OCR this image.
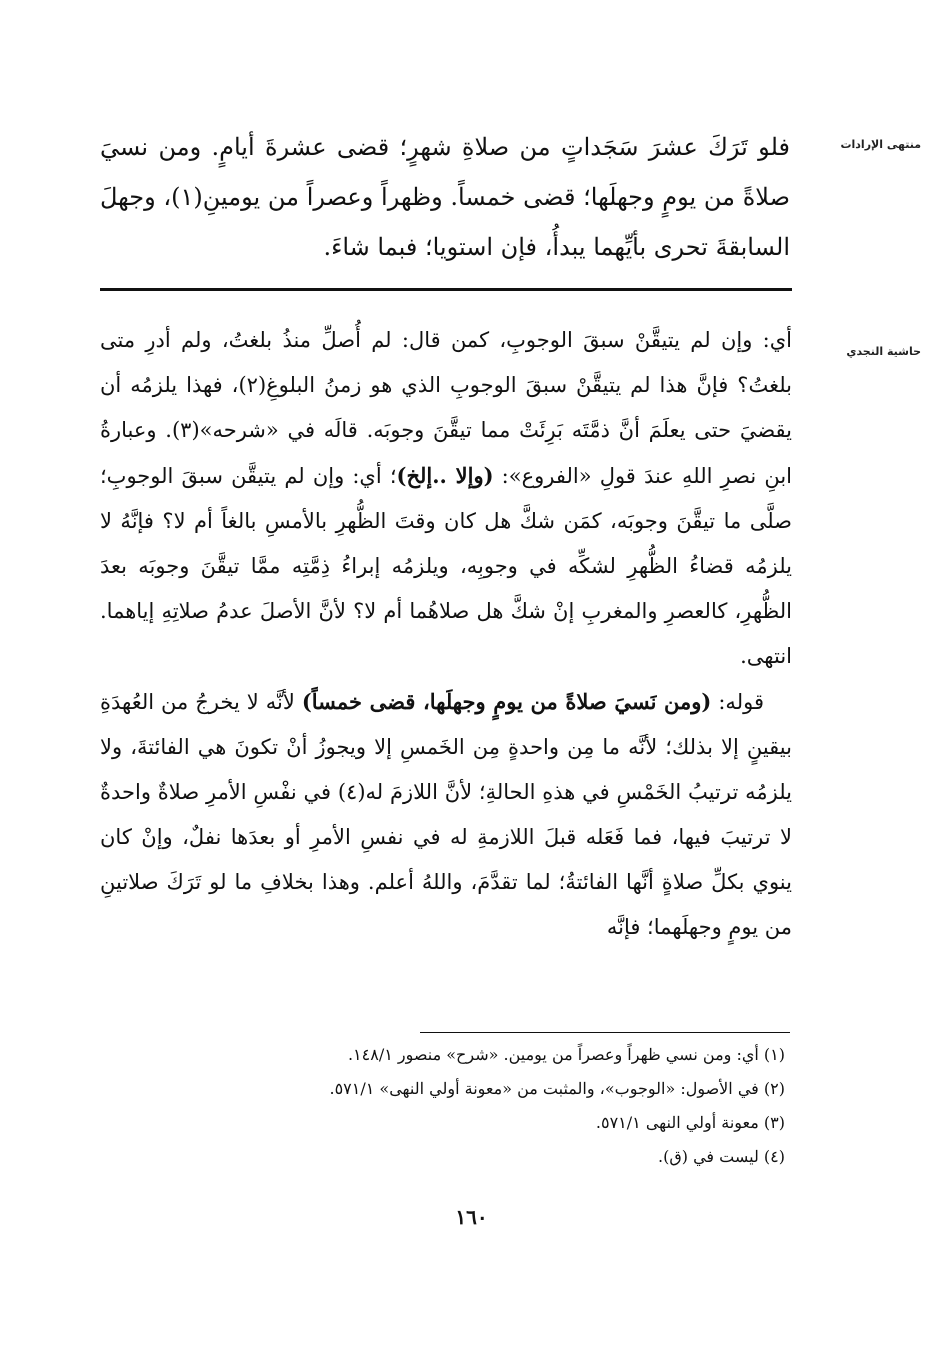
منتهى الإرادات
حاشية النجدي

فلو تَرَكَ عشرَ سَجَداتٍ من صلاةِ شهرٍ؛ قضى عشرةَ أيامٍ. ومن نسيَ صلاةً من يومٍ وجهلَها؛ قضى خمساً. وظهراً وعصراً من يومينِ(١)، وجهلَ السابقةَ تحرى بأيِّهما يبدأُ، فإن استويا؛ فبما شاءَ.

أي: وإن لم يتيقَّنْ سبقَ الوجوبِ، كمن قال: لم أُصلِّ منذُ بلغتُ، ولم أدرِ متى بلغتُ؟ فإنَّ هذا لم يتيقَّنْ سبقَ الوجوبِ الذي هو زمنُ البلوغِ(٢)، فهذا يلزمُه أن يقضيَ حتى يعلَمَ أنَّ ذمَّتَه بَرِئَتْ مما تيقَّنَ وجوبَه. قالَه في «شرحه»(٣). وعبارةُ ابنِ نصرِ اللهِ عندَ قولِ «الفروع»: (وإلا ..إلخ)؛ أي: وإن لم يتيقَّن سبقَ الوجوبِ؛ صلَّى ما تيقَّنَ وجوبَه، كمَن شكَّ هل كان وقتَ الظُّهرِ بالأمسِ بالغاً أم لا؟ فإنَّهُ لا يلزمُه قضاءُ الظُّهرِ لشكِّه في وجوبِه، ويلزمُه إبراءُ ذِمَّتِه ممَّا تيقَّنَ وجوبَه بعدَ الظُّهرِ، كالعصرِ والمغربِ إنْ شكَّ هل صلاهُما أم لا؟ لأنَّ الأصلَ عدمُ صلاتِهِ إياهما. انتهى.

قوله: (ومن نَسيَ صلاةً من يومٍ وجهلَها، قضى خمساً) لأنَّه لا يخرجُ من العُهدَةِ بيقينٍ إلا بذلك؛ لأنَّه ما مِن واحدةٍ مِن الخَمسِ إلا ويجوزُ أنْ تكونَ هي الفائتةَ، ولا يلزمُه ترتيبُ الخَمْسِ في هذهِ الحالةِ؛ لأنَّ اللازمَ له(٤) في نفْسِ الأمرِ صلاةٌ واحدةٌ لا ترتيبَ فيها، فما فَعَله قبلَ اللازمةِ له في نفسِ الأمرِ أو بعدَها نفلٌ، وإنْ كان ينوي بكلِّ صلاةٍ أنَّها الفائتةُ؛ لما تقدَّمَ، واللهُ أعلم. وهذا بخلافِ ما لو تَرَكَ صلاتينِ من يومٍ وجهلَهما؛ فإنَّه

(١) أي: ومن نسي ظهراً وعصراً من يومين. «شرح» منصور ١٤٨/١.

(٢) في الأصول: «الوجوب»، والمثبت من «معونة أولي النهى» ٥٧١/١.

(٣) معونة أولي النهى ٥٧١/١.

(٤) ليست في (ق).

١٦٠
